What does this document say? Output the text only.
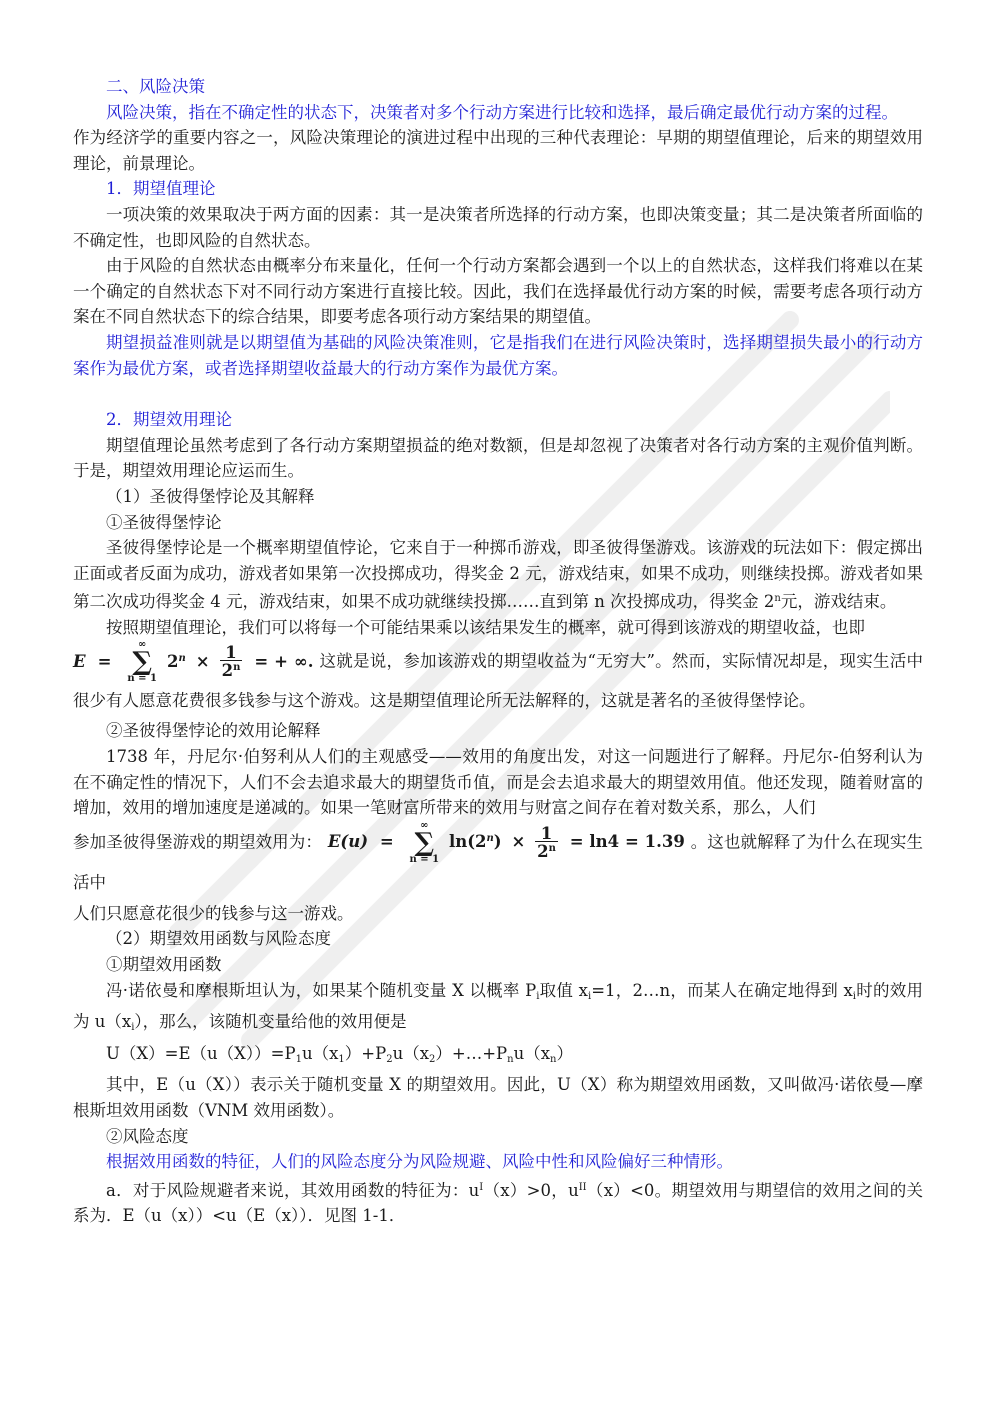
二、风险决策

风险决策，指在不确定性的状态下，决策者对多个行动方案进行比较和选择，最后确定最优行动方案的过程。

作为经济学的重要内容之一，风险决策理论的演进过程中出现的三种代表理论：早期的期望值理论，后来的期望效用理论，前景理论。

1．期望值理论

一项决策的效果取决于两方面的因素：其一是决策者所选择的行动方案，也即决策变量；其二是决策者所面临的不确定性，也即风险的自然状态。

由于风险的自然状态由概率分布来量化，任何一个行动方案都会遇到一个以上的自然状态，这样我们将难以在某一个确定的自然状态下对不同行动方案进行直接比较。因此，我们在选择最优行动方案的时候，需要考虑各项行动方案在不同自然状态下的综合结果，即要考虑各项行动方案结果的期望值。

期望损益准则就是以期望值为基础的风险决策准则，它是指我们在进行风险决策时，选择期望损失最小的行动方案作为最优方案，或者选择期望收益最大的行动方案作为最优方案。

2．期望效用理论

期望值理论虽然考虑到了各行动方案期望损益的绝对数额，但是却忽视了决策者对各行动方案的主观价值判断。于是，期望效用理论应运而生。

（1）圣彼得堡悖论及其解释

①圣彼得堡悖论

圣彼得堡悖论是一个概率期望值悖论，它来自于一种掷币游戏，即圣彼得堡游戏。该游戏的玩法如下：假定掷出正面或者反面为成功，游戏者如果第一次投掷成功，得奖金 2 元，游戏结束，如果不成功，则继续投掷。游戏者如果第二次成功得奖金 4 元，游戏结束，如果不成功就继续投掷……直到第 n 次投掷成功，得奖金 2$^n$元，游戏结束。

按照期望值理论，我们可以将每一个可能结果乘以该结果发生的概率，就可得到该游戏的期望收益，也即

E =
∞
∑
n = 1
$2^n \times \frac{1}{2^n}$ = + ∞. 这就是说，参加该游戏的期望收益为“无穷大”。然而，实际情况却是，现实生活中很少有人愿意花费很多钱参与这个游戏。这是期望值理论所无法解释的，这就是著名的圣彼得堡悖论。

②圣彼得堡悖论的效用论解释

1738 年，丹尼尔·伯努利从人们的主观感受——效用的角度出发，对这一问题进行了解释。丹尼尔-伯努利认为在不确定性的情况下，人们不会去追求最大的期望货币值，而是会去追求最大的期望效用值。他还发现，随着财富的增加，效用的增加速度是递减的。如果一笔财富所带来的效用与财富之间存在着对数关系，那么，人们

参加圣彼得堡游戏的期望效用为： E(u) =
∞
∑
n = 1
$\ln(2^n) \times \frac{1}{2^n} = \ln 4 = 1.39$ 。这也就解释了为什么在现实生活中

人们只愿意花很少的钱参与这一游戏。

（2）期望效用函数与风险态度

①期望效用函数

冯·诺依曼和摩根斯坦认为，如果某个随机变量 X 以概率 $P_i$取值 $x_i=1$，2…n，而某人在确定地得到 $x_i$时的效用为 $u(x_i)$，那么，该随机变量给他的效用便是

$U(X)=E(u(X))=P_1u(x_1)+P_2u(x_2)+\dots+P_nu(x_n)$

其中，E（u（X））表示关于随机变量 X 的期望效用。因此，U（X）称为期望效用函数，又叫做冯·诺依曼—摩根斯坦效用函数（VNM 效用函数）。

②风险态度

根据效用函数的特征，人们的风险态度分为风险规避、风险中性和风险偏好三种情形。

a．对于风险规避者来说，其效用函数的特征为：$u^I(x)>0$，$u^{II}(x)<0$。期望效用与期望信的效用之间的关系为．E（u（x））<u（E（x））．见图 1-1．
